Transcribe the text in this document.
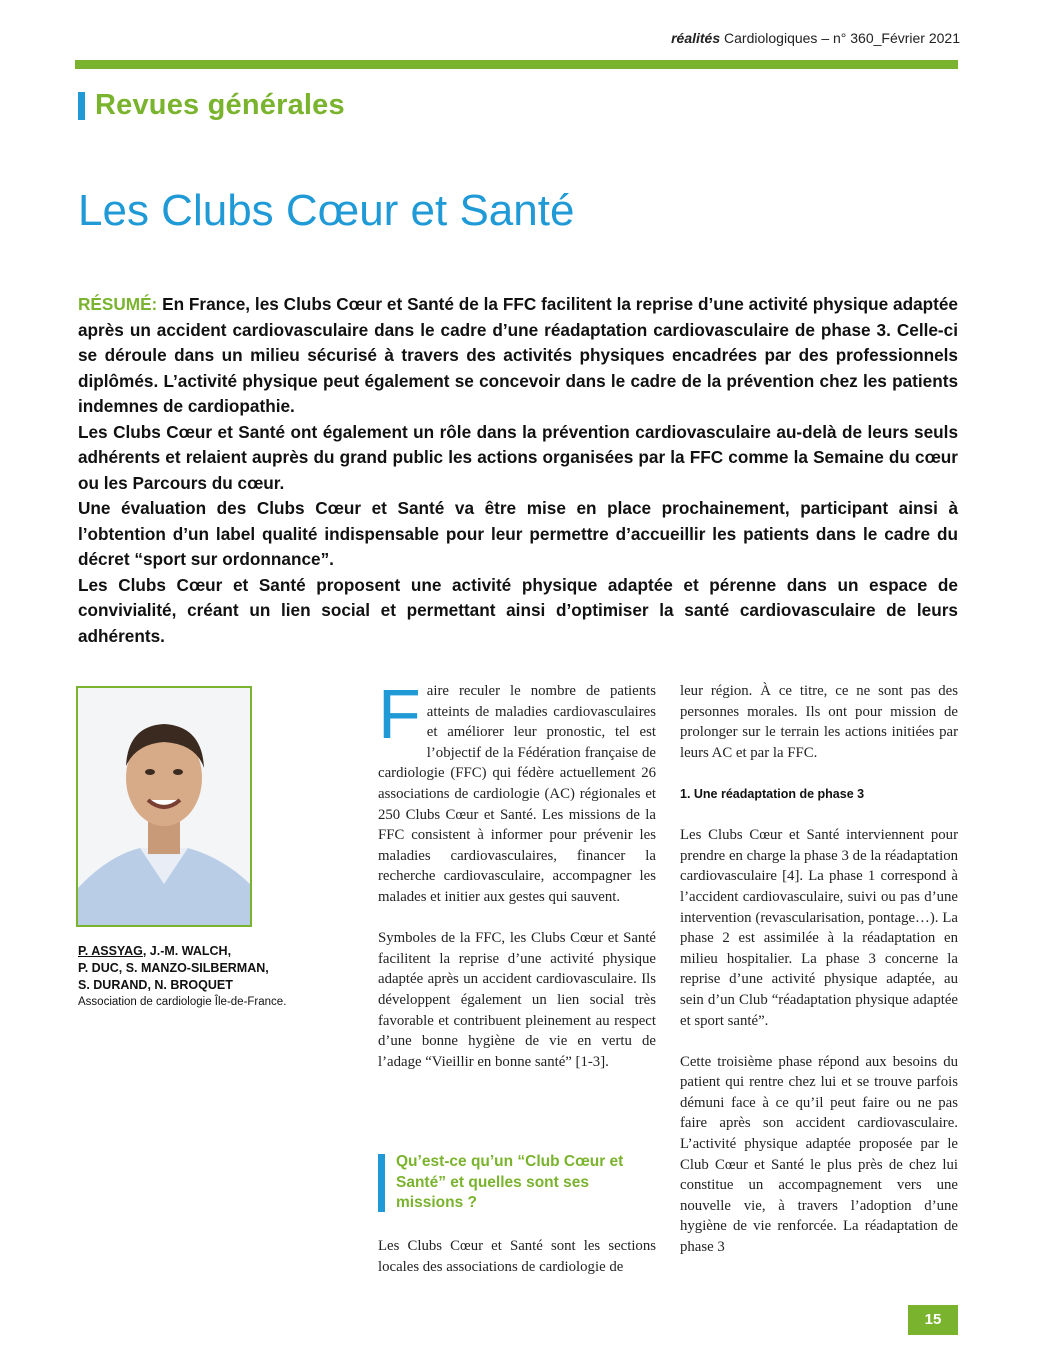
réalités Cardiologiques – n° 360_Février 2021
Revues générales
Les Clubs Cœur et Santé

RÉSUMÉ: En France, les Clubs Cœur et Santé de la FFC facilitent la reprise d’une activité physique adaptée après un accident cardiovasculaire dans le cadre d’une réadaptation cardiovasculaire de phase 3. Celle-ci se déroule dans un milieu sécurisé à travers des activités physiques encadrées par des professionnels diplômés. L’activité physique peut également se concevoir dans le cadre de la prévention chez les patients indemnes de cardiopathie.

Les Clubs Cœur et Santé ont également un rôle dans la prévention cardiovasculaire au-delà de leurs seuls adhérents et relaient auprès du grand public les actions organisées par la FFC comme la Semaine du cœur ou les Parcours du cœur.

Une évaluation des Clubs Cœur et Santé va être mise en place prochainement, participant ainsi à l’obtention d’un label qualité indispensable pour leur permettre d’accueillir les patients dans le cadre du décret “sport sur ordonnance”.

Les Clubs Cœur et Santé proposent une activité physique adaptée et pérenne dans un espace de convivialité, créant un lien social et permettant ainsi d’optimiser la santé cardiovasculaire de leurs adhérents.

P. ASSYAG, J.-M. WALCH,
P. DUC, S. MANZO-SILBERMAN,
S. DURAND, N. BROQUET
Association de cardiologie Île-de-France.

Faire reculer le nombre de patients atteints de maladies cardiovasculaires et améliorer leur pronostic, tel est l’objectif de la Fédération française de cardiologie (FFC) qui fédère actuellement 26 associations de cardiologie (AC) régionales et 250 Clubs Cœur et Santé. Les missions de la FFC consistent à informer pour prévenir les maladies cardiovasculaires, financer la recherche cardiovasculaire, accompagner les malades et initier aux gestes qui sauvent.

Symboles de la FFC, les Clubs Cœur et Santé facilitent la reprise d’une activité physique adaptée après un accident cardiovasculaire. Ils développent également un lien social très favorable et contribuent pleinement au respect d’une bonne hygiène de vie en vertu de l’adage “Vieillir en bonne santé” [1-3].

Qu’est-ce qu’un “Club Cœur et Santé” et quelles sont ses missions ?

Les Clubs Cœur et Santé sont les sections locales des associations de cardiologie de

leur région. À ce titre, ce ne sont pas des personnes morales. Ils ont pour mission de prolonger sur le terrain les actions initiées par leurs AC et par la FFC.

1. Une réadaptation de phase 3

Les Clubs Cœur et Santé interviennent pour prendre en charge la phase 3 de la réadaptation cardiovasculaire [4]. La phase 1 correspond à l’accident cardiovasculaire, suivi ou pas d’une intervention (revascularisation, pontage…). La phase 2 est assimilée à la réadaptation en milieu hospitalier. La phase 3 concerne la reprise d’une activité physique adaptée, au sein d’un Club “réadaptation physique adaptée et sport santé”.

Cette troisième phase répond aux besoins du patient qui rentre chez lui et se trouve parfois démuni face à ce qu’il peut faire ou ne pas faire après son accident cardiovasculaire. L’activité physique adaptée proposée par le Club Cœur et Santé le plus près de chez lui constitue un accompagnement vers une nouvelle vie, à travers l’adoption d’une hygiène de vie renforcée. La réadaptation de phase 3

15
